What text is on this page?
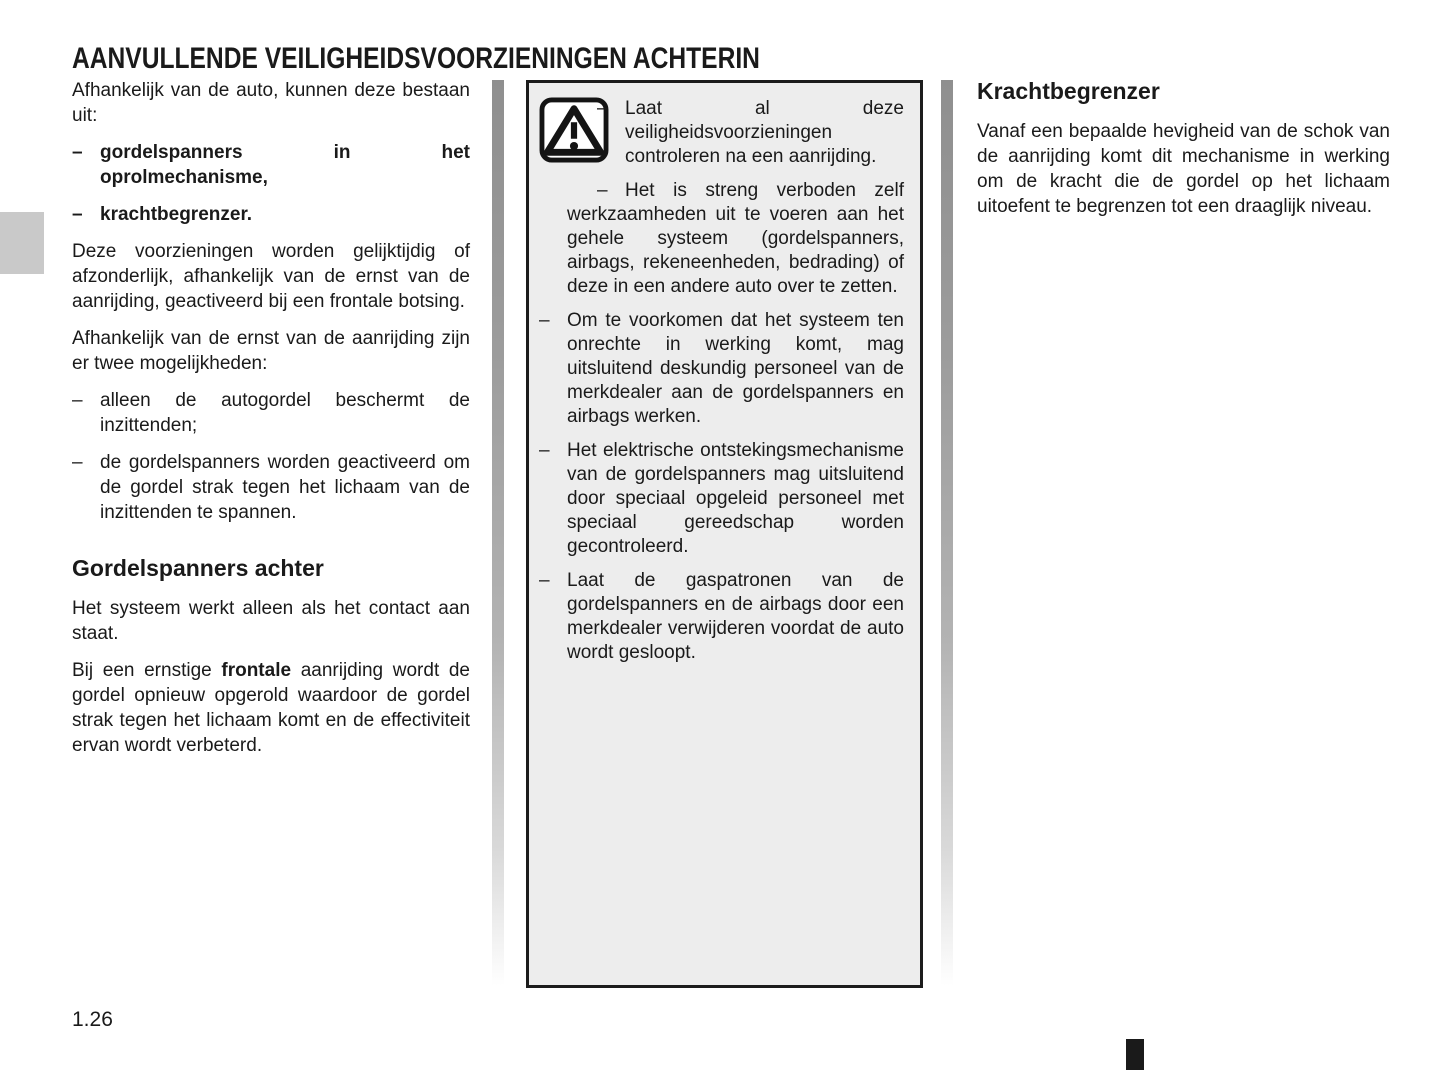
AANVULLENDE VEILIGHEIDSVOORZIENINGEN ACHTERIN

Afhankelijk van de auto, kunnen deze bestaan uit:

– gordelspanners in het oprolmechanisme,
– krachtbegrenzer.

Deze voorzieningen worden gelijktijdig of afzonderlijk, afhankelijk van de ernst van de aanrijding, geactiveerd bij een frontale botsing.

Afhankelijk van de ernst van de aanrijding zijn er twee mogelijkheden:

– alleen de autogordel beschermt de inzittenden;
– de gordelspanners worden geactiveerd om de gordel strak tegen het lichaam van de inzittenden te spannen.
Gordelspanners achter

Het systeem werkt alleen als het contact aan staat.

Bij een ernstige frontale aanrijding wordt de gordel opnieuw opgerold waardoor de gordel strak tegen het lichaam komt en de effectiviteit ervan wordt verbeterd.

– Laat al deze veiligheidsvoorzieningen controleren na een aanrijding.
– Het is streng verboden zelf werkzaamheden uit te voeren aan het gehele systeem (gordelspanners, airbags, rekeneenheden, bedrading) of deze in een andere auto over te zetten.
– Om te voorkomen dat het systeem ten onrechte in werking komt, mag uitsluitend deskundig personeel van de merkdealer aan de gordelspanners en airbags werken.
– Het elektrische ontstekingsmechanisme van de gordelspanners mag uitsluitend door speciaal opgeleid personeel met speciaal gereedschap worden gecontroleerd.
– Laat de gaspatronen van de gordelspanners en de airbags door een merkdealer verwijderen voordat de auto wordt gesloopt.
Krachtbegrenzer

Vanaf een bepaalde hevigheid van de schok van de aanrijding komt dit mechanisme in werking om de kracht die de gordel op het lichaam uitoefent te begrenzen tot een draaglijk niveau.

1.26
